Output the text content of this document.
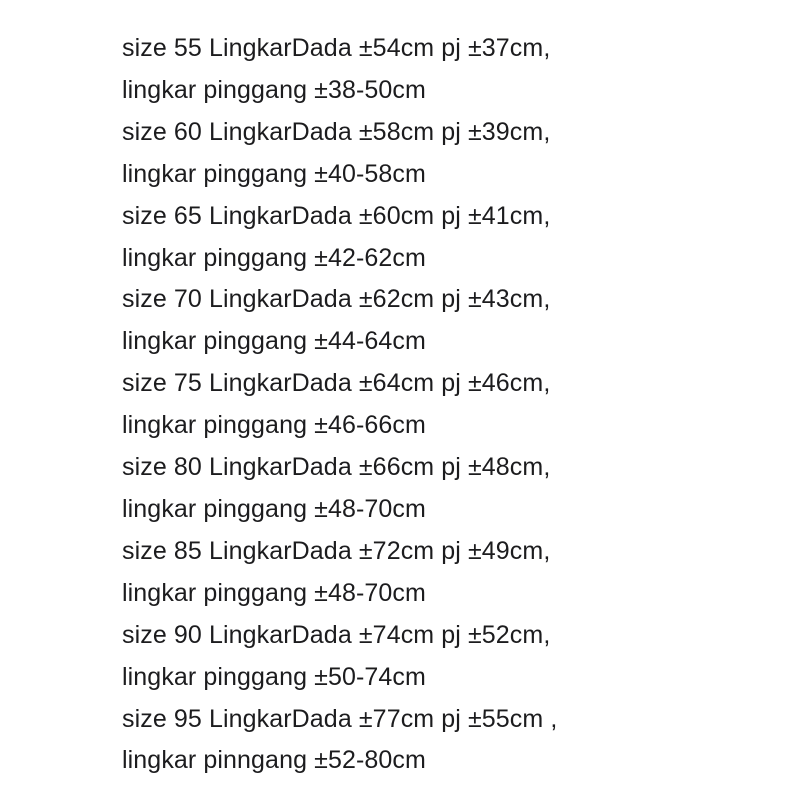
size 55 LingkarDada ±54cm pj ±37cm,
lingkar pinggang ±38-50cm
size 60 LingkarDada ±58cm pj ±39cm,
lingkar pinggang ±40-58cm
size 65 LingkarDada ±60cm pj ±41cm,
lingkar pinggang ±42-62cm
size 70 LingkarDada ±62cm pj ±43cm,
lingkar pinggang ±44-64cm
size 75 LingkarDada ±64cm pj ±46cm,
lingkar pinggang ±46-66cm
size 80 LingkarDada ±66cm pj ±48cm,
lingkar pinggang ±48-70cm
size 85 LingkarDada ±72cm pj ±49cm,
lingkar pinggang ±48-70cm
size 90 LingkarDada ±74cm pj ±52cm,
lingkar pinggang ±50-74cm
size 95 LingkarDada ±77cm pj ±55cm ,
lingkar pinngang ±52-80cm
